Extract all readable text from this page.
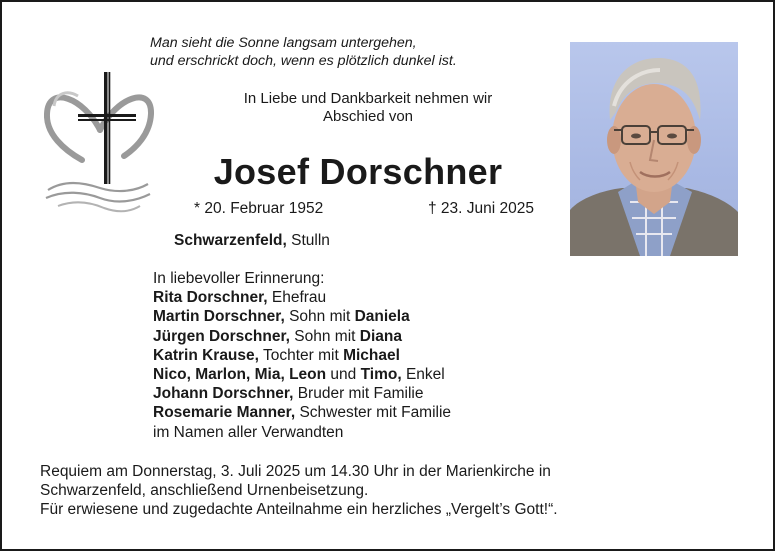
Man sieht die Sonne langsam untergehen,
und erschrickt doch, wenn es plötzlich dunkel ist.
In Liebe und Dankbarkeit nehmen wir
Abschied von
Josef Dorschner
* 20. Februar 1952	† 23. Juni 2025
Schwarzenfeld, Stulln
In liebevoller Erinnerung:
Rita Dorschner, Ehefrau
Martin Dorschner, Sohn mit Daniela
Jürgen Dorschner, Sohn mit Diana
Katrin Krause, Tochter mit Michael
Nico, Marlon, Mia, Leon und Timo, Enkel
Johann Dorschner, Bruder mit Familie
Rosemarie Manner, Schwester mit Familie
im Namen aller Verwandten
Requiem am Donnerstag, 3. Juli 2025 um 14.30 Uhr in der Marienkirche in
Schwarzenfeld, anschließend Urnenbeisetzung.
Für erwiesene und zugedachte Anteilnahme ein herzliches „Vergelt’s Gott!“.
